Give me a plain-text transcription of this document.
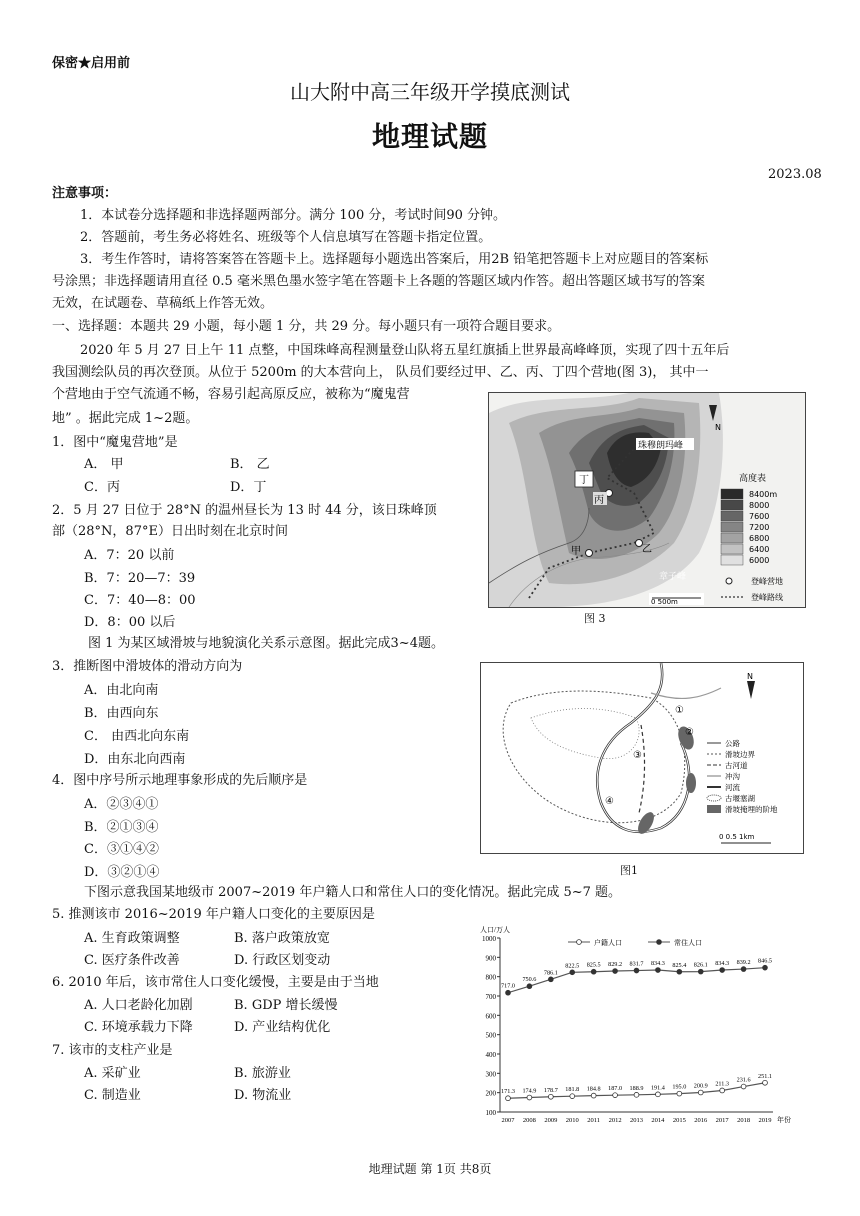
保密★启用前
山大附中高三年级开学摸底测试
地理试题
2023.08
注意事项：
1．本试卷分选择题和非选择题两部分。满分 100 分，考试时间90 分钟。
2．答题前，考生务必将姓名、班级等个人信息填写在答题卡指定位置。
3．考生作答时，请将答案答在答题卡上。选择题每小题选出答案后，用2B 铅笔把答题卡上对应题目的答案标
号涂黑；非选择题请用直径 0.5 毫米黑色墨水签字笔在答题卡上各题的答题区域内作答。超出答题区域书写的答案
无效，在试题卷、草稿纸上作答无效。
一、选择题：本题共 29 小题，每小题 1 分，共 29 分。每小题只有一项符合题目要求。
2020 年 5 月 27 日上午 11 点整，中国珠峰高程测量登山队将五星红旗插上世界最高峰峰顶，实现了四十五年后
我国测绘队员的再次登顶。从位于 5200m 的大本营向上， 队员们要经过甲、乙、丙、丁四个营地(图 3)， 其中一
个营地由于空气流通不畅，容易引起高原反应，被称为“魔鬼营
地” 。据此完成 1~2题。
1．图中“魔鬼营地”是
A． 甲	B． 乙
C．丙	D．丁
2．5 月 27 日位于 28°N 的温州昼长为 13 时 44 分，该日珠峰顶
部（28°N，87°E）日出时刻在北京时间
A．7：20 以前
B．7：20—7：39
C．7：40—8：00
D．8：00 以后
丁
丙
乙
甲
珠穆朗玛峰
章子峰
N
高度表
8400m
8000
7600
7200
6800
6400
6000
登峰营地
登峰路线
0 500m
图 3
图 1 为某区域滑坡与地貌演化关系示意图。据此完成3~4题。
3．推断图中滑坡体的滑动方向为
A．由北向南
B．由西向东
C． 由西北向东南
D．由东北向西南
4．图中序号所示地理事象形成的先后顺序是
A．②③④①
B．②①③④
C．③①④②
D．③②①④
①
②
③
④
N
公路
滑坡边界
古河道
冲沟
河流
古堰塞湖
滑坡掩埋的阶地
0 0.5 1km
图1
下图示意我国某地级市 2007~2019 年户籍人口和常住人口的变化情况。据此完成 5~7 题。
5. 推测该市 2016~2019 年户籍人口变化的主要原因是
A. 生育政策调整	B. 落户政策放宽
C. 医疗条件改善	D. 行政区划变动
6. 2010 年后，该市常住人口变化缓慢，主要是由于当地
A. 人口老龄化加剧	B. GDP 增长缓慢
C. 环境承载力下降	D. 产业结构优化
7. 该市的支柱产业是
A. 采矿业	B. 旅游业
C. 制造业	D. 物流业
100
200
300
400
500
600
700
800
900
1000
2007 2008 2009 2010 2011 2012 2013 2014 2015 2016 2017 2018 2019 年份
人口/万人
171.3 174.9 178.7 181.8 184.8 187.0 188.9 191.4 195.0 200.9 211.3
231.6
251.1
717.0
750.6
786.1
822.5 825.5 829.2 831.7 834.3 825.4 826.1 834.3 839.2 846.5
户籍人口	常住人口
地理试题 第 1页 共8页
